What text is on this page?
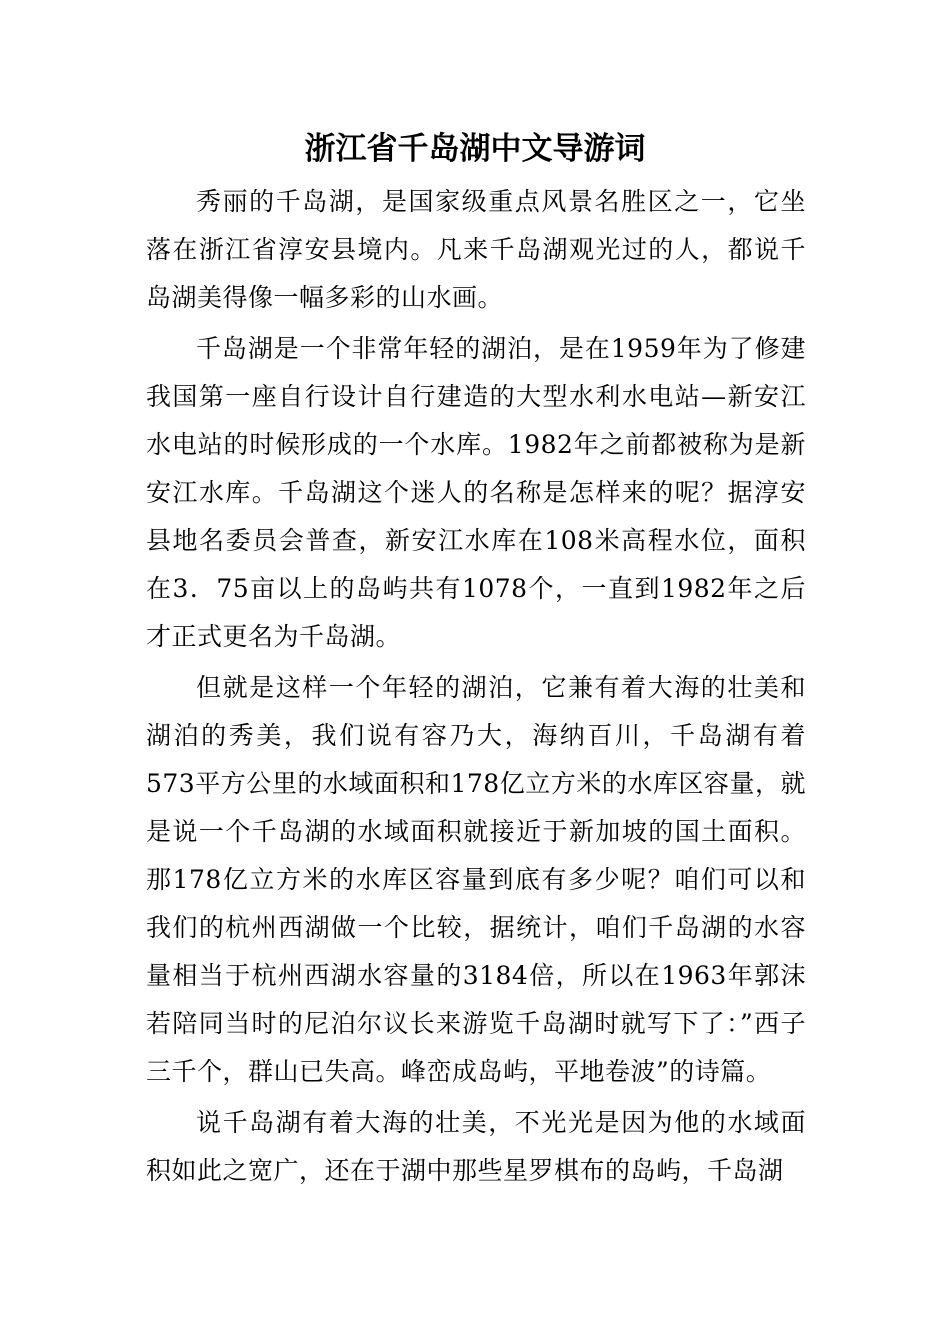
浙江省千岛湖中文导游词

秀丽的千岛湖，是国家级重点风景名胜区之一，它坐落在浙江省淳安县境内。凡来千岛湖观光过的人，都说千岛湖美得像一幅多彩的山水画。

千岛湖是一个非常年轻的湖泊，是在1959年为了修建我国第一座自行设计自行建造的大型水利水电站—新安江水电站的时候形成的一个水库。1982年之前都被称为是新安江水库。千岛湖这个迷人的名称是怎样来的呢？据淳安县地名委员会普查，新安江水库在108米高程水位，面积在3．75亩以上的岛屿共有1078个，一直到1982年之后才正式更名为千岛湖。

但就是这样一个年轻的湖泊，它兼有着大海的壮美和湖泊的秀美，我们说有容乃大，海纳百川，千岛湖有着573平方公里的水域面积和178亿立方米的水库区容量，就是说一个千岛湖的水域面积就接近于新加坡的国土面积。那178亿立方米的水库区容量到底有多少呢？咱们可以和我们的杭州西湖做一个比较，据统计，咱们千岛湖的水容量相当于杭州西湖水容量的3184倍，所以在1963年郭沫若陪同当时的尼泊尔议长来游览千岛湖时就写下了：”西子三千个，群山已失高。峰峦成岛屿，平地卷波”的诗篇。

说千岛湖有着大海的壮美，不光光是因为他的水域面积如此之宽广，还在于湖中那些星罗棋布的岛屿，千岛湖
